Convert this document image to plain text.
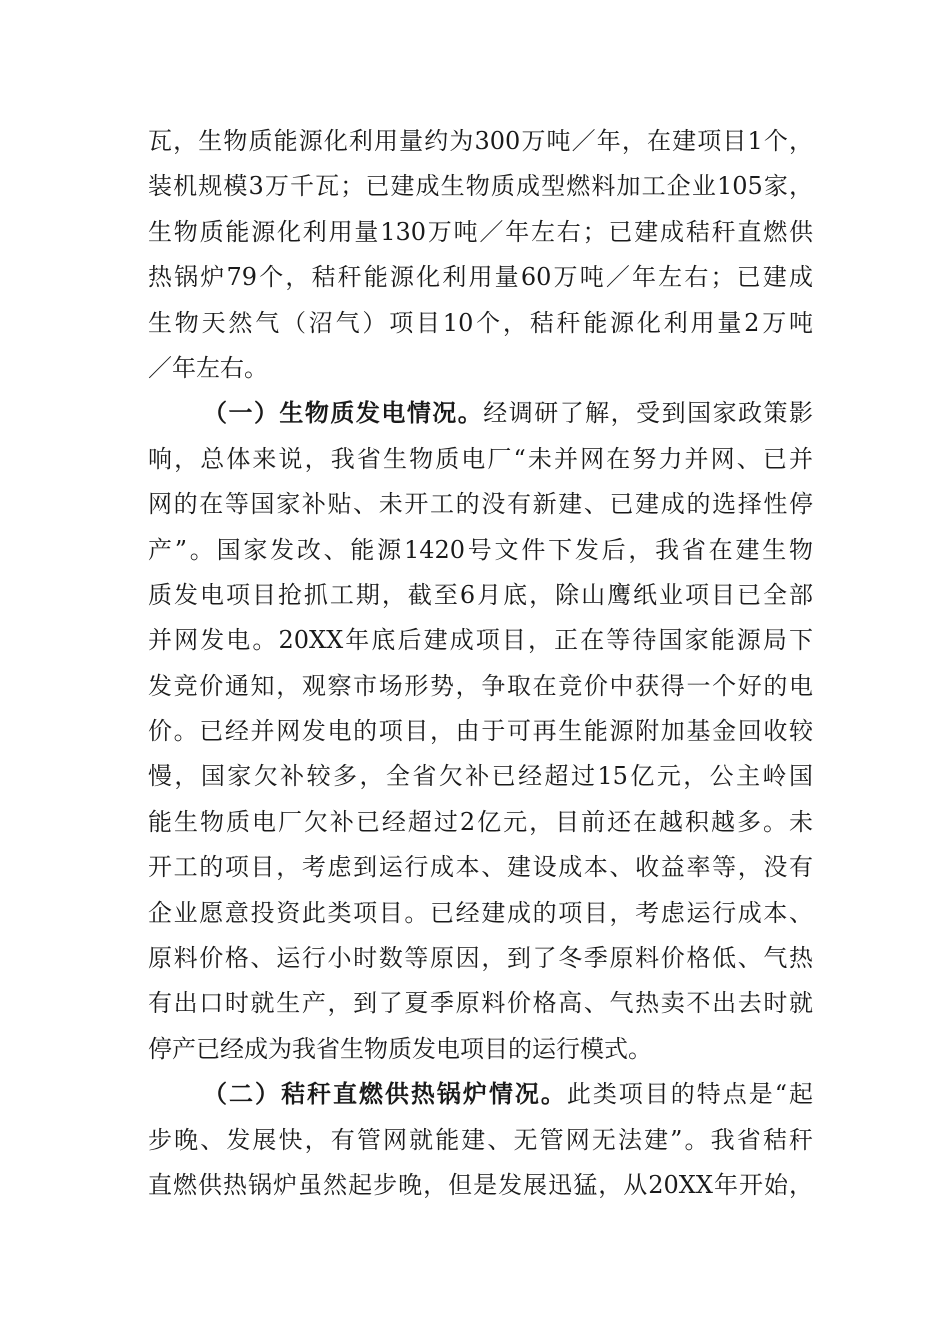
瓦，生物质能源化利用量约为300万吨／年，在建项目1个，
装机规模3万千瓦；已建成生物质成型燃料加工企业105家，
生物质能源化利用量130万吨／年左右；已建成秸秆直燃供
热锅炉79个，秸秆能源化利用量60万吨／年左右；已建成
生物天然气（沼气）项目10个，秸秆能源化利用量2万吨
／年左右。
（一）生物质发电情况。经调研了解，受到国家政策影
响，总体来说，我省生物质电厂“未并网在努力并网、已并
网的在等国家补贴、未开工的没有新建、已建成的选择性停
产”。国家发改、能源1420号文件下发后，我省在建生物
质发电项目抢抓工期，截至6月底，除山鹰纸业项目已全部
并网发电。20XX年底后建成项目，正在等待国家能源局下
发竞价通知，观察市场形势，争取在竞价中获得一个好的电
价。已经并网发电的项目，由于可再生能源附加基金回收较
慢，国家欠补较多，全省欠补已经超过15亿元，公主岭国
能生物质电厂欠补已经超过2亿元，目前还在越积越多。未
开工的项目，考虑到运行成本、建设成本、收益率等，没有
企业愿意投资此类项目。已经建成的项目，考虑运行成本、
原料价格、运行小时数等原因，到了冬季原料价格低、气热
有出口时就生产，到了夏季原料价格高、气热卖不出去时就
停产已经成为我省生物质发电项目的运行模式。
（二）秸秆直燃供热锅炉情况。此类项目的特点是“起
步晚、发展快，有管网就能建、无管网无法建”。我省秸秆
直燃供热锅炉虽然起步晚，但是发展迅猛，从20XX年开始，
